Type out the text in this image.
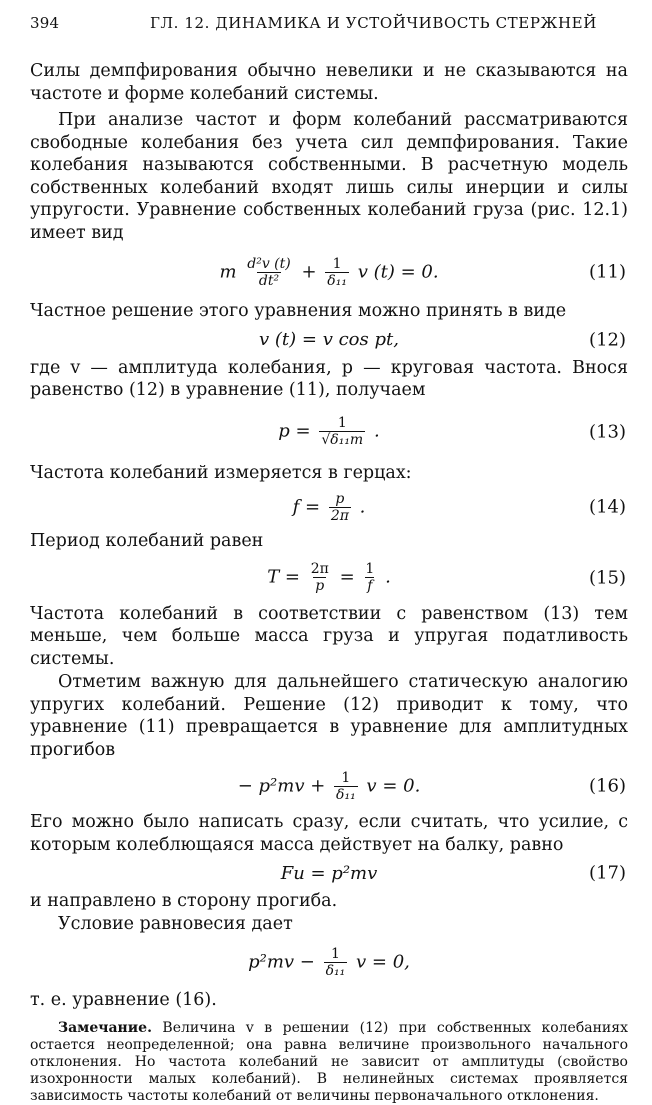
394	ГЛ. 12. ДИНАМИКА И УСТОЙЧИВОСТЬ СТЕРЖНЕЙ

Силы демпфирования обычно невелики и не сказываются на частоте и форме колебаний системы.

При анализе частот и форм колебаний рассматриваются свободные колебания без учета сил демпфирования. Такие колебания называются собственными. В расчетную модель собственных колебаний входят лишь силы инерции и силы упругости. Уравнение собственных колебаний груза (рис. 12.1) имеет вид

m $\frac{\text{d²v (t)}}{\text{dt²}} + \frac{1}{\text{δ₁₁}}$ v (t) = 0.	(11)

Частное решение этого уравнения можно принять в виде

v (t) = v cos pt,	(12)

где v — амплитуда колебания, p — круговая частота. Внося равенство (12) в уравнение (11), получаем

$p = \frac{1}{\text{√δ₁₁m}}$ .	(13)

Частота колебаний измеряется в герцах:

$f = \frac{p}{2\pi}$ .	(14)

Период колебаний равен

$T = \frac{2\pi}{p} = \frac{1}{f}$ .	(15)

Частота колебаний в соответствии с равенством (13) тем меньше, чем больше масса груза и упругая податливость системы.

Отметим важную для дальнейшего статическую аналогию упругих колебаний. Решение (12) приводит к тому, что уравнение (11) превращается в уравнение для амплитудных прогибов

− $p^2mv + \frac{1}{\text{δ₁₁}}$ v = 0.	(16)

Его можно было написать сразу, если считать, что усилие, с которым колеблющаяся масса действует на балку, равно

Fи = p²mv	(17)

и направлено в сторону прогиба.

Условие равновесия дает

$p^2mv - \frac{1}{\text{δ₁₁}}$ v = 0,

т. е. уравнение (16).

Замечание. Величина v в решении (12) при собственных колебаниях остается неопределенной; она равна величине произвольного начального отклонения. Но частота колебаний не зависит от амплитуды (свойство изохронности малых колебаний). В нелинейных системах проявляется зависимость частоты колебаний от величины первоначального отклонения.
